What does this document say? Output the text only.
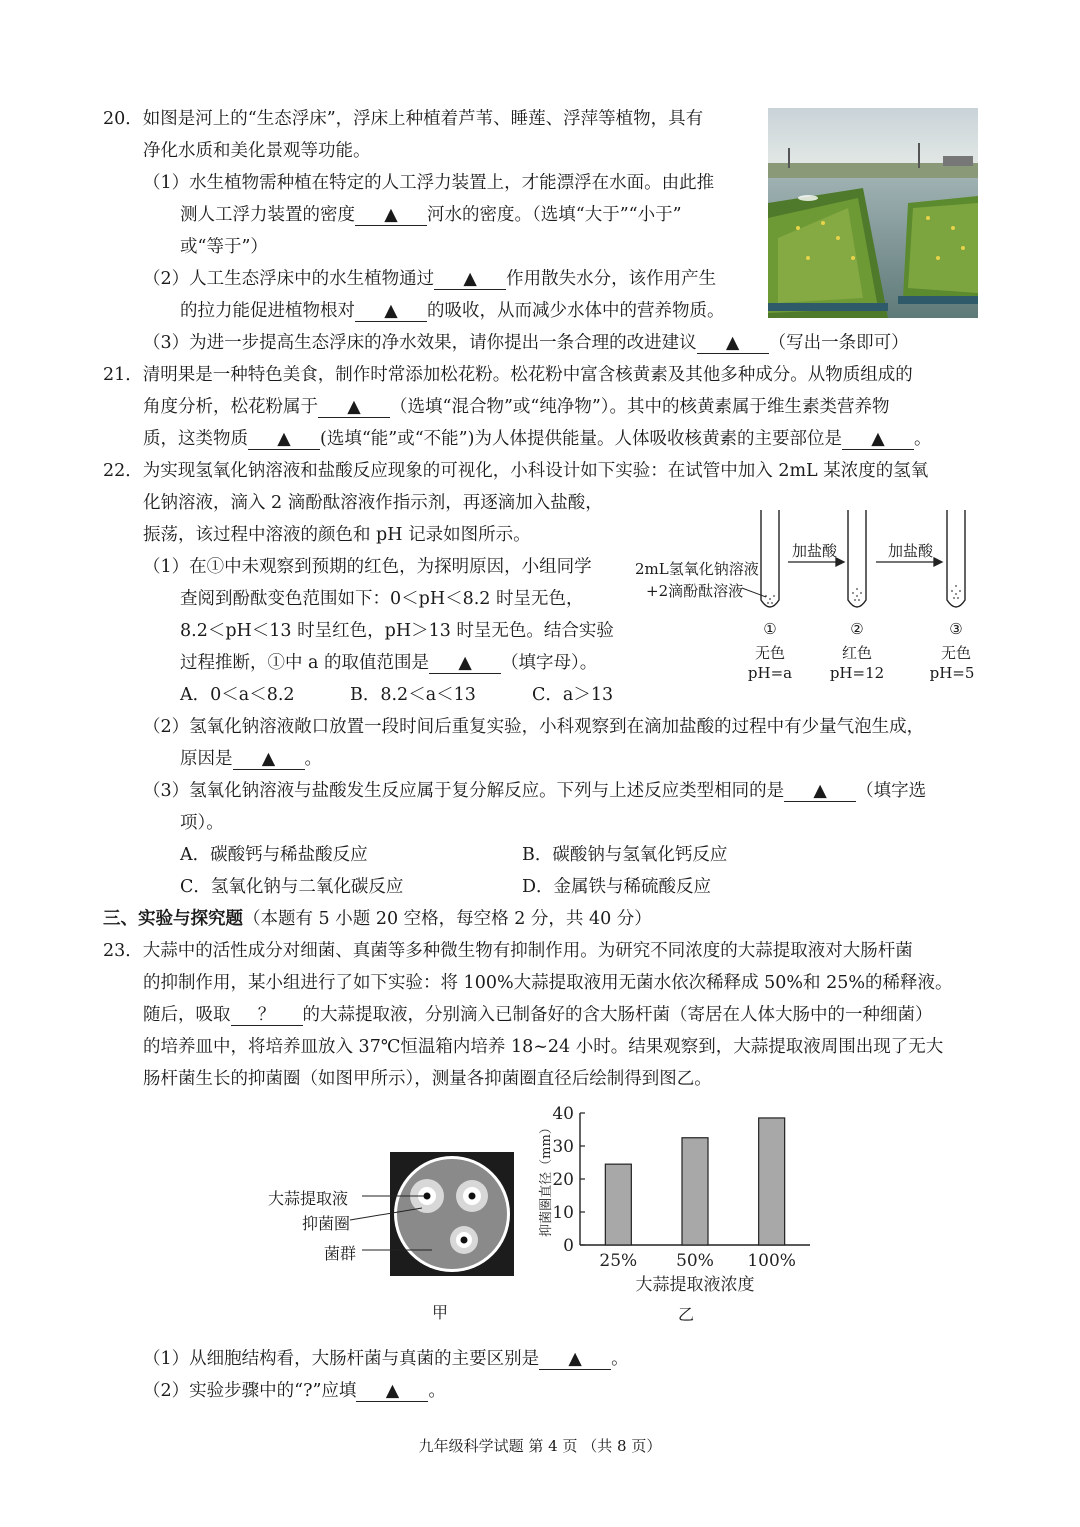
20．如图是河上的“生态浮床”，浮床上种植着芦苇、睡莲、浮萍等植物，具有
净化水质和美化景观等功能。
（1）水生植物需种植在特定的人工浮力装置上，才能漂浮在水面。由此推
测人工浮力装置的密度 ▲ 河水的密度。（选填“大于”“小于”
或“等于”）
（2）人工生态浮床中的水生植物通过 ▲ 作用散失水分，该作用产生
的拉力能促进植物根对 ▲ 的吸收，从而减少水体中的营养物质。
（3）为进一步提高生态浮床的净水效果，请你提出一条合理的改进建议 ▲ （写出一条即可）
21．清明果是一种特色美食，制作时常添加松花粉。松花粉中富含核黄素及其他多种成分。从物质组成的
角度分析，松花粉属于 ▲ （选填“混合物”或“纯净物”）。其中的核黄素属于维生素类营养物
质，这类物质 ▲ (选填“能”或“不能”)为人体提供能量。人体吸收核黄素的主要部位是 ▲ 。
22．为实现氢氧化钠溶液和盐酸反应现象的可视化，小科设计如下实验：在试管中加入 2mL 某浓度的氢氧
化钠溶液，滴入 2 滴酚酞溶液作指示剂，再逐滴加入盐酸，
振荡，该过程中溶液的颜色和 pH 记录如图所示。
（1）在①中未观察到预期的红色，为探明原因，小组同学
查阅到酚酞变色范围如下：0＜pH＜8.2 时呈无色，
8.2＜pH＜13 时呈红色，pH＞13 时呈无色。结合实验
过程推断，①中 a 的取值范围是 ▲ （填字母）。
A．0＜a＜8.2	B．8.2＜a＜13	C．a＞13
2mL氢氧化钠溶液
+2滴酚酞溶液
加盐酸	加盐酸
①
无色
pH=a
②
红色
pH=12
③
无色
pH=5
（2）氢氧化钠溶液敞口放置一段时间后重复实验，小科观察到在滴加盐酸的过程中有少量气泡生成，
原因是 ▲ 。
（3）氢氧化钠溶液与盐酸发生反应属于复分解反应。下列与上述反应类型相同的是 ▲ （填字选
项）。
A．碳酸钙与稀盐酸反应	B．碳酸钠与氢氧化钙反应
C．氢氧化钠与二氧化碳反应	D．金属铁与稀硫酸反应
三、实验与探究题（本题有 5 小题 20 空格，每空格 2 分，共 40 分）
23．大蒜中的活性成分对细菌、真菌等多种微生物有抑制作用。为研究不同浓度的大蒜提取液对大肠杆菌
的抑制作用，某小组进行了如下实验：将 100%大蒜提取液用无菌水依次稀释成 50%和 25%的稀释液。
随后，吸取 ？ 的大蒜提取液，分别滴入已制备好的含大肠杆菌（寄居在人体大肠中的一种细菌）
的培养皿中，将培养皿放入 37℃恒温箱内培养 18~24 小时。结果观察到，大蒜提取液周围出现了无大
肠杆菌生长的抑菌圈（如图甲所示），测量各抑菌圈直径后绘制得到图乙。
大蒜提取液
抑菌圈
菌群
甲
0
10
20
30
40
25% 50% 100%
大蒜提取液浓度
抑菌圈直径（mm）
乙
（1）从细胞结构看，大肠杆菌与真菌的主要区别是 ▲ 。
（2）实验步骤中的“?”应填 ▲ 。
九年级科学试题 第 4 页 （共 8 页）
